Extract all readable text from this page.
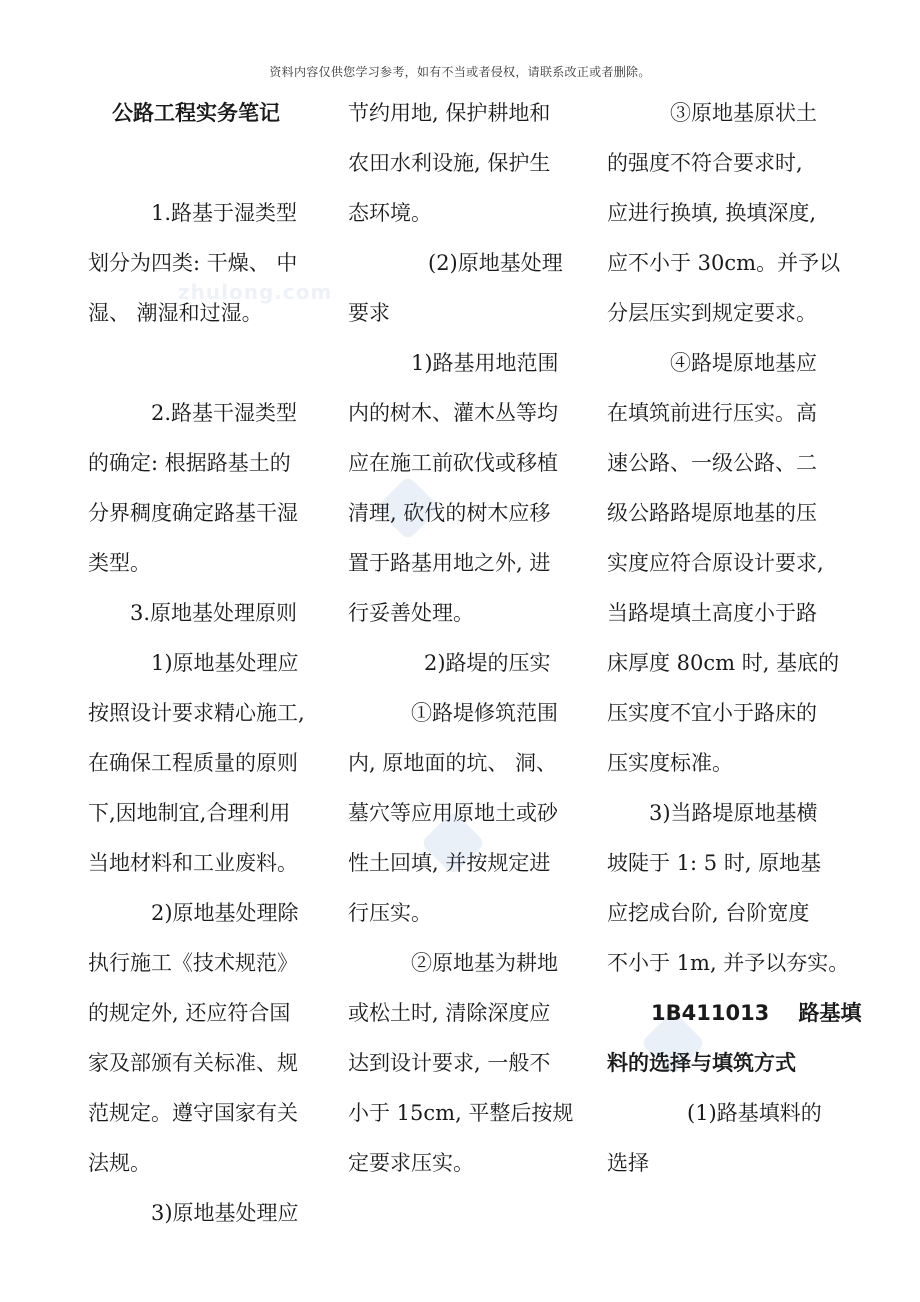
资料内容仅供您学习参考，如有不当或者侵权，请联系改正或者删除。
zhulong.com
公路工程实务笔记
1.路基于湿类型
划分为四类: 干燥、 中
湿、 潮湿和过湿。
2.路基干湿类型
的确定: 根据路基土的
分界稠度确定路基干湿
类型。
3.原地基处理原则
1)原地基处理应
按照设计要求精心施工,
在确保工程质量的原则
下,因地制宜,合理利用
当地材料和工业废料。
2)原地基处理除
执行施工《技术规范》
的规定外, 还应符合国
家及部颁有关标准、规
范规定。遵守国家有关
法规。
3)原地基处理应
节约用地, 保护耕地和
农田水利设施, 保护生
态环境。
(2)原地基处理
要求
1)路基用地范围
内的树木、灌木丛等均
应在施工前砍伐或移植
清理, 砍伐的树木应移
置于路基用地之外, 进
行妥善处理。
2)路堤的压实
①路堤修筑范围
内, 原地面的坑、 洞、
墓穴等应用原地土或砂
性土回填, 并按规定进
行压实。
②原地基为耕地
或松土时, 清除深度应
达到设计要求, 一般不
小于 15cm, 平整后按规
定要求压实。
③原地基原状土
的强度不符合要求时,
应进行换填, 换填深度,
应不小于 30cm。并予以
分层压实到规定要求。
④路堤原地基应
在填筑前进行压实。高
速公路、一级公路、二
级公路路堤原地基的压
实度应符合原设计要求,
当路堤填土高度小于路
床厚度 80cm 时, 基底的
压实度不宜小于路床的
压实度标准。
3)当路堤原地基横
坡陡于 1: 5 时, 原地基
应挖成台阶, 台阶宽度
不小于 1m, 并予以夯实。
1B411013    路基填
料的选择与填筑方式
(1)路基填料的
选择
